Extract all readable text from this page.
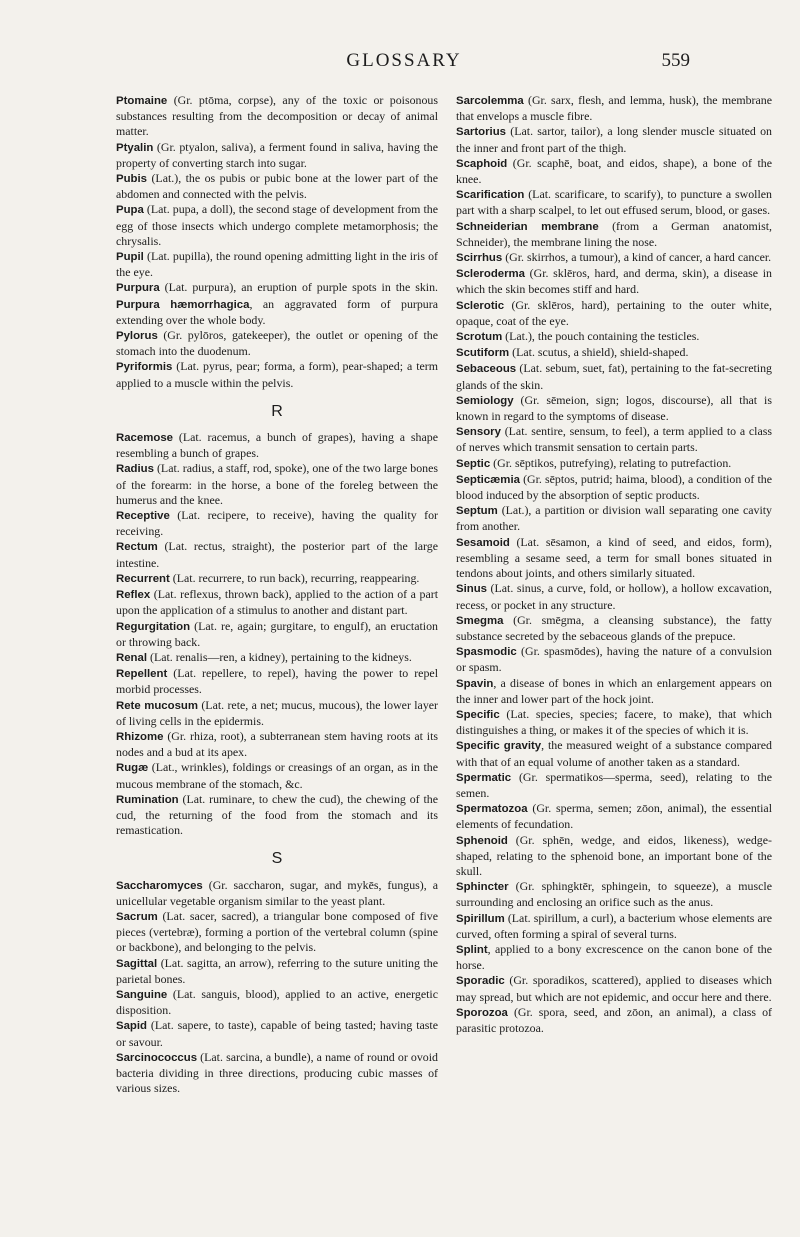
GLOSSARY	559

Ptomaine (Gr. ptōma, corpse), any of the toxic or poisonous substances resulting from the decomposition or decay of animal matter.

Ptyalin (Gr. ptyalon, saliva), a ferment found in saliva, having the property of converting starch into sugar.

Pubis (Lat.), the os pubis or pubic bone at the lower part of the abdomen and connected with the pelvis.

Pupa (Lat. pupa, a doll), the second stage of development from the egg of those insects which undergo complete metamorphosis; the chrysalis.

Pupil (Lat. pupilla), the round opening admitting light in the iris of the eye.

Purpura (Lat. purpura), an eruption of purple spots in the skin. Purpura hæmorrhagica, an aggravated form of purpura extending over the whole body.

Pylorus (Gr. pylōros, gatekeeper), the outlet or opening of the stomach into the duodenum.

Pyriformis (Lat. pyrus, pear; forma, a form), pear-shaped; a term applied to a muscle within the pelvis.

R

Racemose (Lat. racemus, a bunch of grapes), having a shape resembling a bunch of grapes.

Radius (Lat. radius, a staff, rod, spoke), one of the two large bones of the forearm: in the horse, a bone of the foreleg between the humerus and the knee.

Receptive (Lat. recipere, to receive), having the quality for receiving.

Rectum (Lat. rectus, straight), the posterior part of the large intestine.

Recurrent (Lat. recurrere, to run back), recurring, reappearing.

Reflex (Lat. reflexus, thrown back), applied to the action of a part upon the application of a stimulus to another and distant part.

Regurgitation (Lat. re, again; gurgitare, to engulf), an eructation or throwing back.

Renal (Lat. renalis—ren, a kidney), pertaining to the kidneys.

Repellent (Lat. repellere, to repel), having the power to repel morbid processes.

Rete mucosum (Lat. rete, a net; mucus, mucous), the lower layer of living cells in the epidermis.

Rhizome (Gr. rhiza, root), a subterranean stem having roots at its nodes and a bud at its apex.

Rugæ (Lat., wrinkles), foldings or creasings of an organ, as in the mucous membrane of the stomach, &c.

Rumination (Lat. ruminare, to chew the cud), the chewing of the cud, the returning of the food from the stomach and its remastication.

S

Saccharomyces (Gr. saccharon, sugar, and mykēs, fungus), a unicellular vegetable organism similar to the yeast plant.

Sacrum (Lat. sacer, sacred), a triangular bone composed of five pieces (vertebræ), forming a portion of the vertebral column (spine or backbone), and belonging to the pelvis.

Sagittal (Lat. sagitta, an arrow), referring to the suture uniting the parietal bones.

Sanguine (Lat. sanguis, blood), applied to an active, energetic disposition.

Sapid (Lat. sapere, to taste), capable of being tasted; having taste or savour.

Sarcinococcus (Lat. sarcina, a bundle), a name of round or ovoid bacteria dividing in three directions, producing cubic masses of various sizes.

Sarcolemma (Gr. sarx, flesh, and lemma, husk), the membrane that envelops a muscle fibre.

Sartorius (Lat. sartor, tailor), a long slender muscle situated on the inner and front part of the thigh.

Scaphoid (Gr. scaphē, boat, and eidos, shape), a bone of the knee.

Scarification (Lat. scarificare, to scarify), to puncture a swollen part with a sharp scalpel, to let out effused serum, blood, or gases.

Schneiderian membrane (from a German anatomist, Schneider), the membrane lining the nose.

Scirrhus (Gr. skirrhos, a tumour), a kind of cancer, a hard cancer.

Scleroderma (Gr. sklēros, hard, and derma, skin), a disease in which the skin becomes stiff and hard.

Sclerotic (Gr. sklēros, hard), pertaining to the outer white, opaque, coat of the eye.

Scrotum (Lat.), the pouch containing the testicles.

Scutiform (Lat. scutus, a shield), shield-shaped.

Sebaceous (Lat. sebum, suet, fat), pertaining to the fat-secreting glands of the skin.

Semiology (Gr. sēmeion, sign; logos, discourse), all that is known in regard to the symptoms of disease.

Sensory (Lat. sentire, sensum, to feel), a term applied to a class of nerves which transmit sensation to certain parts.

Septic (Gr. sēptikos, putrefying), relating to putrefaction.

Septicæmia (Gr. sēptos, putrid; haima, blood), a condition of the blood induced by the absorption of septic products.

Septum (Lat.), a partition or division wall separating one cavity from another.

Sesamoid (Lat. sēsamon, a kind of seed, and eidos, form), resembling a sesame seed, a term for small bones situated in tendons about joints, and others similarly situated.

Sinus (Lat. sinus, a curve, fold, or hollow), a hollow excavation, recess, or pocket in any structure.

Smegma (Gr. smēgma, a cleansing substance), the fatty substance secreted by the sebaceous glands of the prepuce.

Spasmodic (Gr. spasmōdes), having the nature of a convulsion or spasm.

Spavin, a disease of bones in which an enlargement appears on the inner and lower part of the hock joint.

Specific (Lat. species, species; facere, to make), that which distinguishes a thing, or makes it of the species of which it is.

Specific gravity, the measured weight of a substance compared with that of an equal volume of another taken as a standard.

Spermatic (Gr. spermatikos—sperma, seed), relating to the semen.

Spermatozoa (Gr. sperma, semen; zōon, animal), the essential elements of fecundation.

Sphenoid (Gr. sphēn, wedge, and eidos, likeness), wedge-shaped, relating to the sphenoid bone, an important bone of the skull.

Sphincter (Gr. sphingktēr, sphingein, to squeeze), a muscle surrounding and enclosing an orifice such as the anus.

Spirillum (Lat. spirillum, a curl), a bacterium whose elements are curved, often forming a spiral of several turns.

Splint, applied to a bony excrescence on the canon bone of the horse.

Sporadic (Gr. sporadikos, scattered), applied to diseases which may spread, but which are not epidemic, and occur here and there.

Sporozoa (Gr. spora, seed, and zōon, an animal), a class of parasitic protozoa.
